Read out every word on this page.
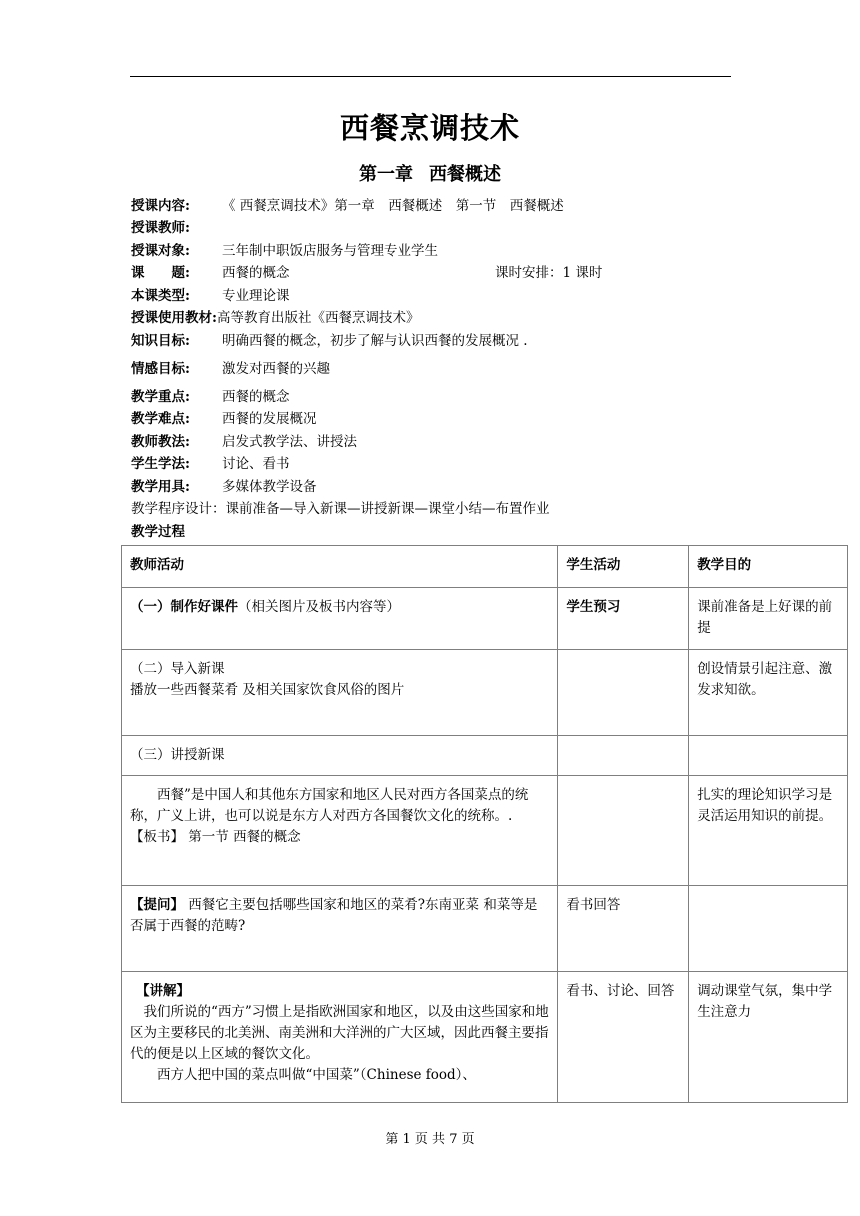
西餐烹调技术
第一章 西餐概述
授课内容: 《 西餐烹调技术》第一章　西餐概述　第一节　西餐概述
授课教师:
授课对象: 三年制中职饭店服务与管理专业学生
课　　题: 西餐的概念	课时安排：1 课时
本课类型: 专业理论课
授课使用教材:高等教育出版社《西餐烹调技术》
知识目标: 明确西餐的概念，初步了解与认识西餐的发展概况 .
情感目标: 激发对西餐的兴趣
教学重点: 西餐的概念
教学难点: 西餐的发展概况
教师教法: 启发式教学法、讲授法
学生学法: 讨论、看书
教学用具: 多媒体教学设备
教学程序设计：课前准备—导入新课—讲授新课—课堂小结—布置作业
教学过程
教师活动	学生活动	教学目的
（一）制作好课件（相关图片及板书内容等）	学生预习	课前准备是上好课的前提

（二）导入新课
播放一些西餐菜肴 及相关国家饮食风俗的图片		创设情景引起注意、激发求知欲。
（三）讲授新课		

西餐”是中国人和其他东方国家和地区人民对西方各国菜点的统称，广义上讲，也可以说是东方人对西方各国餐饮文化的统称。.
【板书】 第一节 西餐的概念		扎实的理论知识学习是灵活运用知识的前提。
【提问】 西餐它主要包括哪些国家和地区的菜肴?东南亚菜 和菜等是否属于西餐的范畴?	看书回答	

【讲解】
我们所说的“西方”习惯上是指欧洲国家和地区，以及由这些国家和地区为主要移民的北美洲、南美洲和大洋洲的广大区域，因此西餐主要指代的便是以上区域的餐饮文化。
西方人把中国的菜点叫做“中国菜”（Chinese food）、	看书、讨论、回答	调动课堂气氛，集中学生注意力
第 1 页 共 7 页
